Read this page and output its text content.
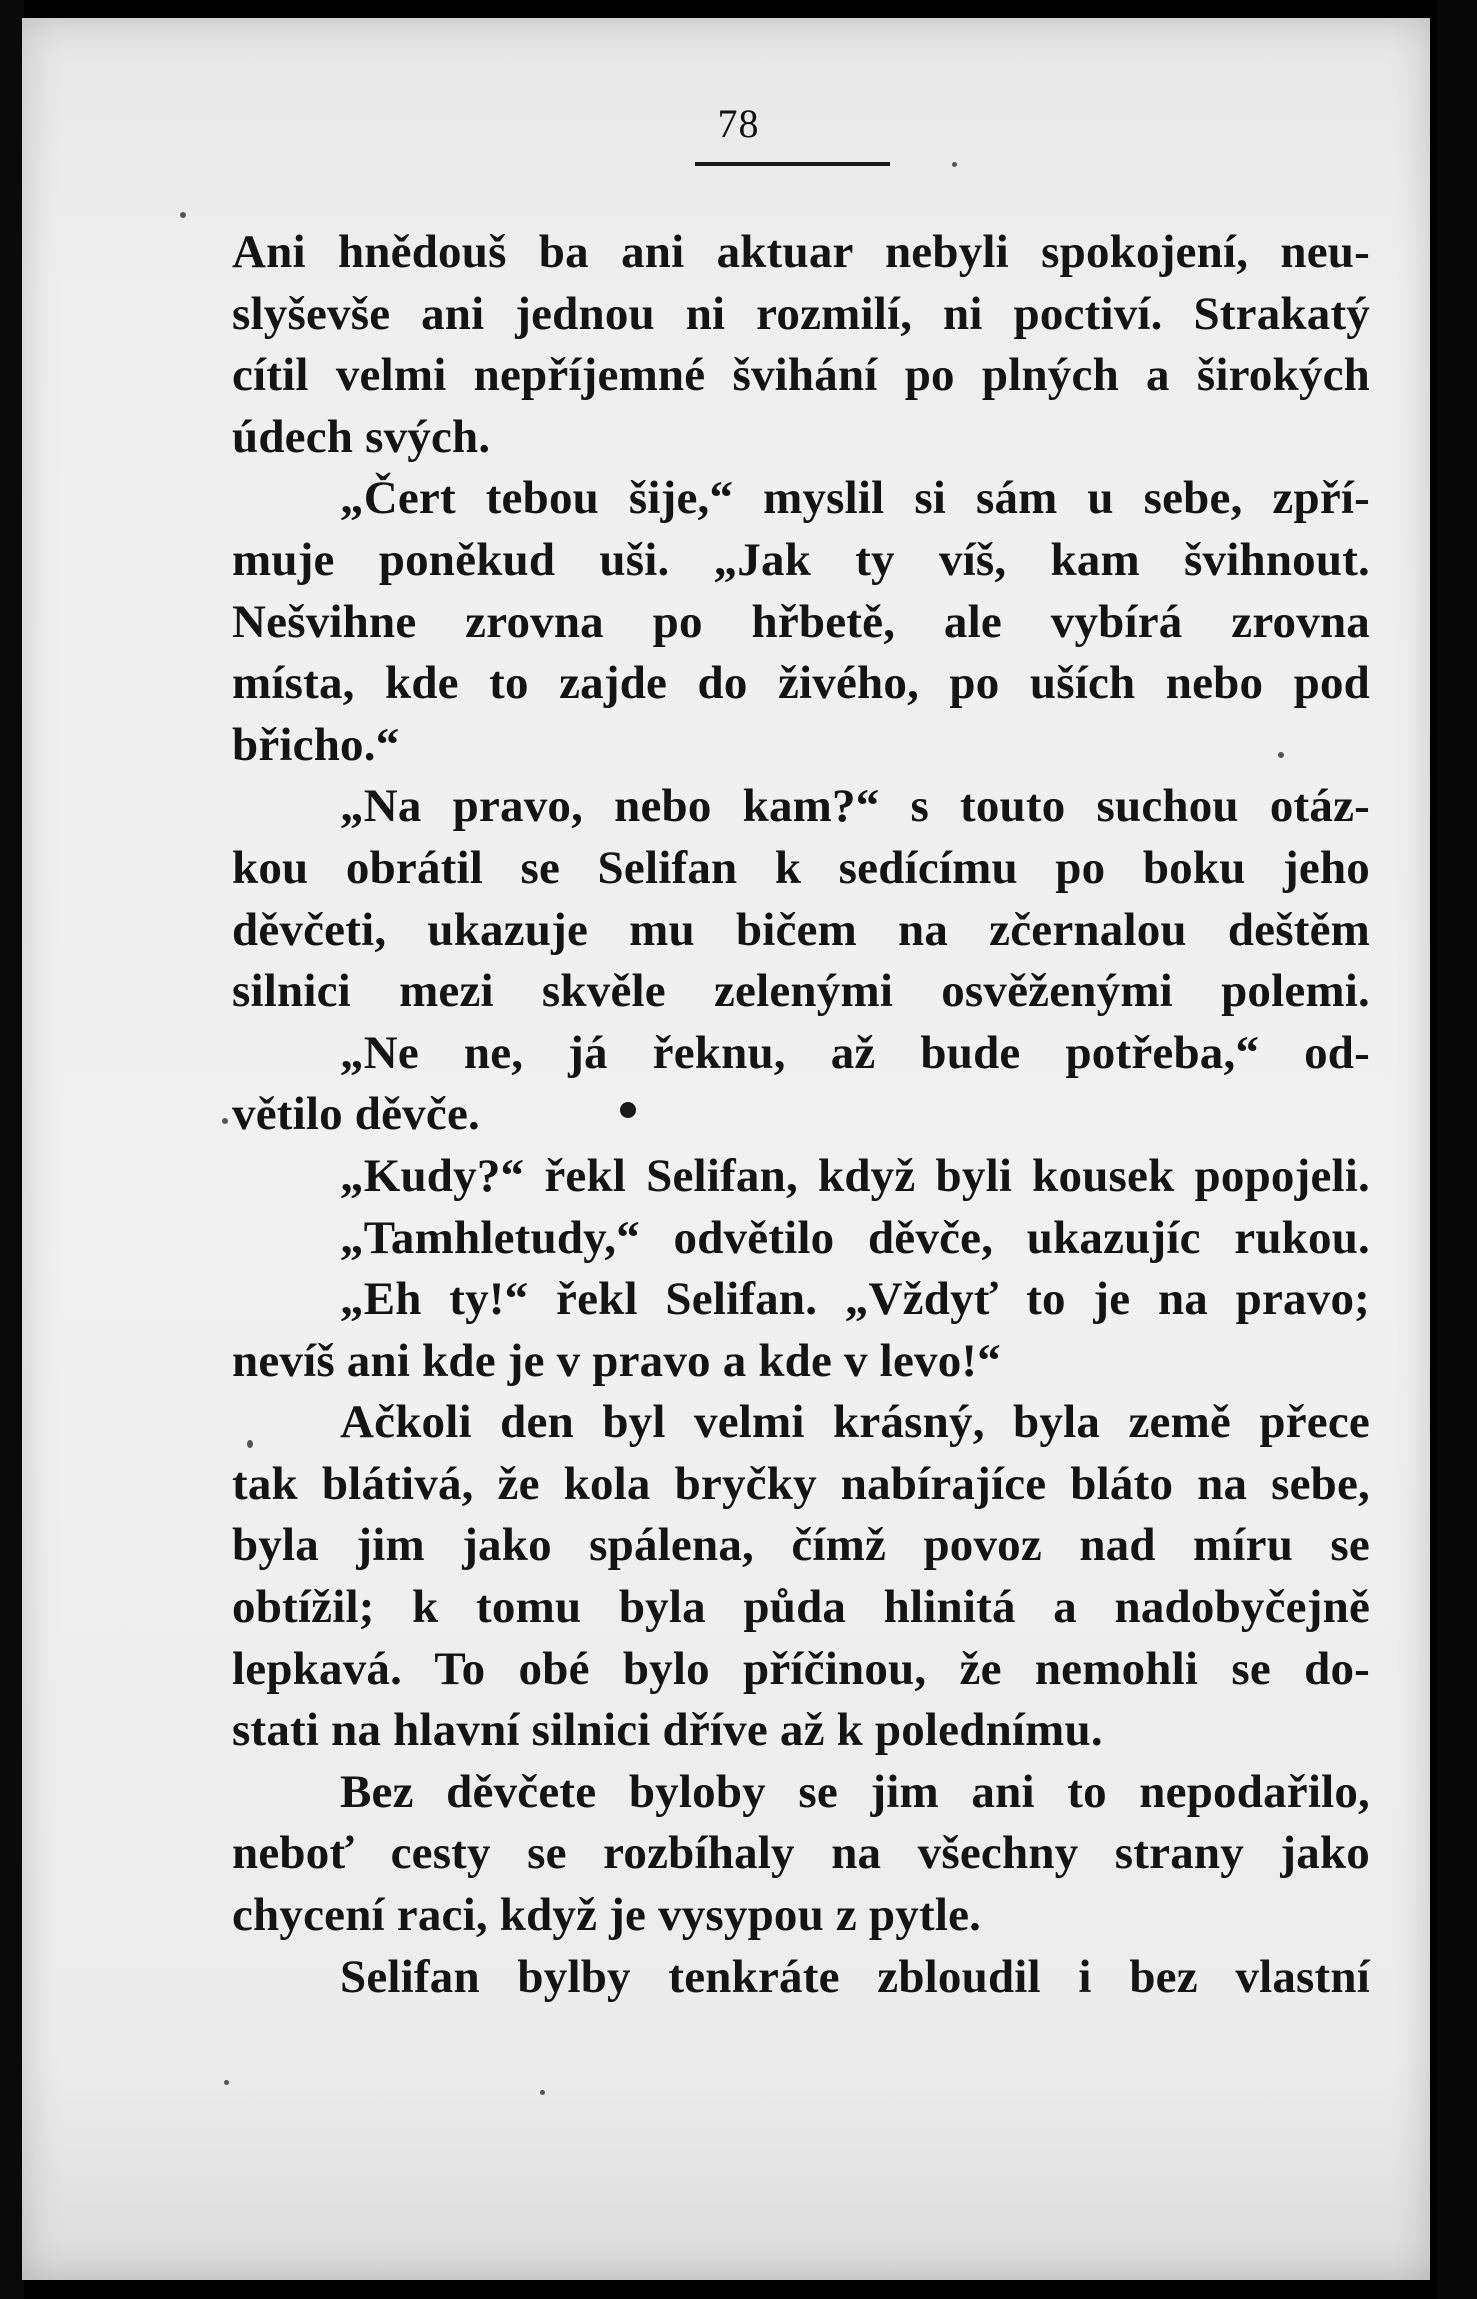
78
Ani hnědouš ba ani aktuar nebyli spokojení, neu-
slyševše ani jednou ni rozmilí, ni poctiví. Strakatý
cítil velmi nepříjemné švihání po plných a širokých
údech svých.
„Čert tebou šije,“ myslil si sám u sebe, zpří-
muje poněkud uši. „Jak ty víš, kam švihnout.
Nešvihne zrovna po hřbetě, ale vybírá zrovna
místa, kde to zajde do živého, po uších nebo pod
břicho.“
„Na pravo, nebo kam?“ s touto suchou otáz-
kou obrátil se Selifan k sedícímu po boku jeho
děvčeti, ukazuje mu bičem na zčernalou deštěm
silnici mezi skvěle zelenými osvěženými polemi.
„Ne ne, já řeknu, až bude potřeba,“ od-
větilo děvče.
„Kudy?“ řekl Selifan, když byli kousek popojeli.
„Tamhletudy,“ odvětilo děvče, ukazujíc rukou.
„Eh ty!“ řekl Selifan. „Vždyť to je na pravo;
nevíš ani kde je v pravo a kde v levo!“
Ačkoli den byl velmi krásný, byla země přece
tak blátivá, že kola bryčky nabírajíce bláto na sebe,
byla jim jako spálena, čímž povoz nad míru se
obtížil; k tomu byla půda hlinitá a nadobyčejně
lepkavá. To obé bylo příčinou, že nemohli se do-
stati na hlavní silnici dříve až k polednímu.
Bez děvčete byloby se jim ani to nepodařilo,
neboť cesty se rozbíhaly na všechny strany jako
chycení raci, když je vysypou z pytle.
Selifan bylby tenkráte zbloudil i bez vlastní
